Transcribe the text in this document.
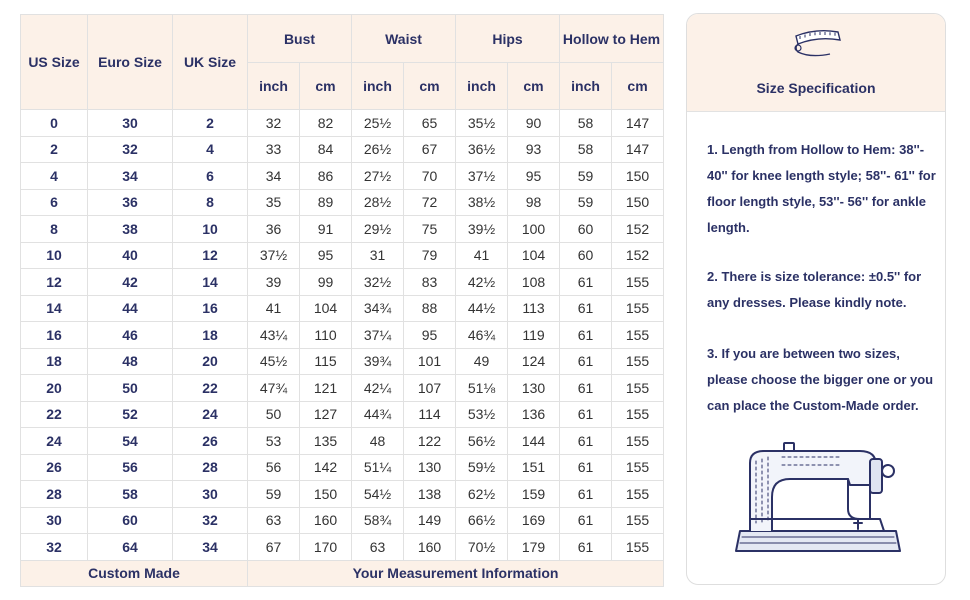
US Size	Euro Size	UK Size	Bust		Waist		Hips		Hollow to Hem	
			inch	cm	inch	cm	inch	cm	inch	cm
0	30	2	32	82	25½	65	35½	90	58	147
2	32	4	33	84	26½	67	36½	93	58	147
4	34	6	34	86	27½	70	37½	95	59	150
6	36	8	35	89	28½	72	38½	98	59	150
8	38	10	36	91	29½	75	39½	100	60	152
10	40	12	37½	95	31	79	41	104	60	152
12	42	14	39	99	32½	83	42½	108	61	155
14	44	16	41	104	34¾	88	44½	113	61	155
16	46	18	43¼	110	37¼	95	46¾	119	61	155
18	48	20	45½	115	39¾	101	49	124	61	155
20	50	22	47¾	121	42¼	107	51⅛	130	61	155
22	52	24	50	127	44¾	114	53½	136	61	155
24	54	26	53	135	48	122	56½	144	61	155
26	56	28	56	142	51¼	130	59½	151	61	155
28	58	30	59	150	54½	138	62½	159	61	155
30	60	32	63	160	58¾	149	66½	169	61	155
32	64	34	67	170	63	160	70½	179	61	155
Custom Made			Your Measurement Information							
Size Specification
1. Length from Hollow to Hem: 38''- 40'' for knee length style; 58''- 61'' for floor length style, 53''- 56'' for ankle length.
2. There is size tolerance: ±0.5'' for any dresses. Please kindly note.
3. If you are between two sizes, please choose the bigger one or you can place the Custom-Made order.
